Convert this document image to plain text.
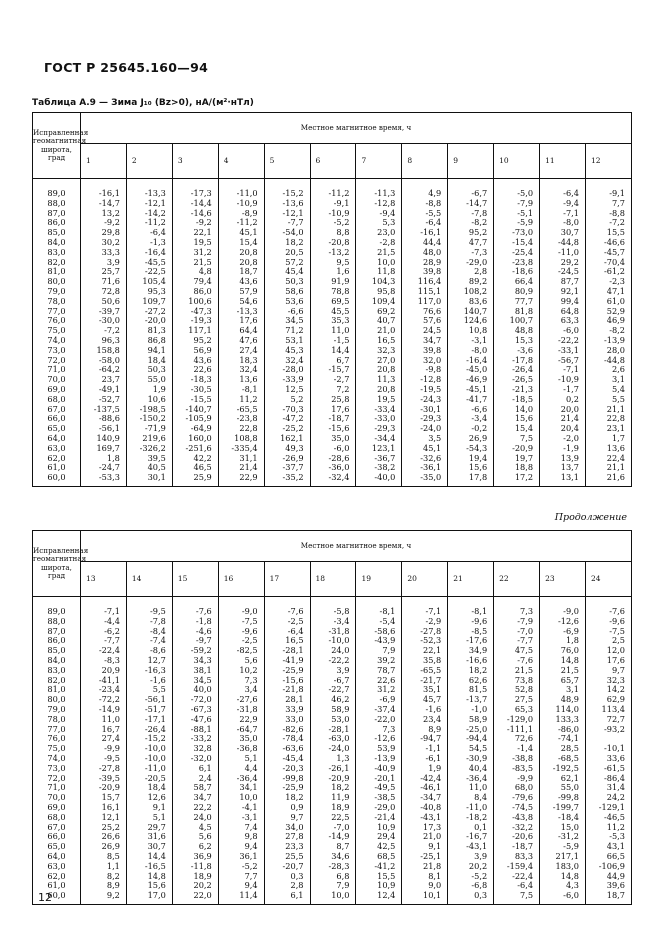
ГОСТ Р 25645.160—94
Таблица А.9 — Зима J₁₀ (Bz>0), нА/(м²·нТл)
Исправленная геомагнитная широта, град	Местное магнитное время, ч											
	1	2	3	4	5	6	7	8	9	10	11	12
89,0	-16,1	-13,3	-17,3	-11,0	-15,2	-11,2	-11,3	4,9	-6,7	-5,0	-6,4	-9,1
88,0	-14,7	-12,1	-14,4	-10,9	-13,6	-9,1	-12,8	-8,8	-14,7	-7,9	-9,4	7,7
87,0	13,2	-14,2	-14,6	-8,9	-12,1	-10,9	-9,4	-5,5	-7,8	-5,1	-7,1	-8,8
86,0	-9,2	-11,2	-9,2	-11,2	-7,7	-5,2	5,3	-6,4	-8,2	-5,9	-8,0	-7,2
85,0	29,8	-6,4	22,1	45,1	-54,0	8,8	23,0	-16,1	95,2	-73,0	30,7	15,5
84,0	30,2	-1,3	19,5	15,4	18,2	-20,8	-2,8	44,4	47,7	-15,4	-44,8	-46,6
83,0	33,3	-16,4	31,2	20,8	20,5	-13,2	21,5	48,0	-7,3	-25,4	-11,0	-45,7
82,0	3,9	-45,5	21,5	20,8	57,2	9,5	10,0	28,9	-29,0	-23,8	29,2	-70,4
81,0	25,7	-22,5	4,8	18,7	45,4	1,6	11,8	39,8	2,8	-18,6	-24,5	-61,2
80,0	71,6	105,4	79,4	43,6	50,3	91,9	104,3	116,4	89,2	66,4	87,7	-2,3
79,0	72,8	95,3	86,0	57,9	58,6	78,8	95,8	115,1	108,2	80,9	92,1	47,1
78,0	50,6	109,7	100,6	54,6	53,6	69,5	109,4	117,0	83,6	77,7	99,4	61,0
77,0	-39,7	-27,2	-47,3	-13,3	-6,6	45,5	69,2	76,6	140,7	81,8	64,8	52,9
76,0	-30,0	-20,0	-19,3	17,6	34,5	35,3	40,7	57,6	124,6	100,7	63,3	46,9
75,0	-7,2	81,3	117,1	64,4	71,2	11,0	21,0	24,5	10,8	48,8	-6,0	-8,2
74,0	96,3	86,8	95,2	47,6	53,1	-1,5	16,5	34,7	-3,1	15,3	-22,2	-13,9
73,0	158,8	94,1	56,9	27,4	45,3	14,4	32,3	39,8	-8,0	-3,6	-33,1	28,0
72,0	-58,0	18,4	43,6	18,3	32,4	6,7	27,0	32,0	-16,4	-17,8	-56,7	-44,8
71,0	-64,2	50,3	22,6	32,4	-28,0	-15,7	20,8	-9,8	-45,0	-26,4	-7,1	2,6
70,0	23,7	55,0	-18,3	13,6	-33,9	-2,7	11,3	-12,8	-46,9	-26,5	-10,9	3,1
69,0	-49,1	1,9	-30,5	-8,1	12,5	7,2	20,8	-19,5	-45,1	-21,3	-1,7	5,4
68,0	-52,7	10,6	-15,5	11,2	5,2	25,8	19,5	-24,3	-41,7	-18,5	0,2	5,5
67,0	-137,5	-198,5	-140,7	-65,5	-70,3	17,6	-33,4	-30,1	-6,6	14,0	20,0	21,1
66,0	-88,6	-150,2	-105,9	-23,8	-47,2	-18,7	-33,0	-29,3	-3,4	15,6	21,4	22,8
65,0	-56,1	-71,9	-64,9	22,8	-25,2	-15,6	-29,3	-24,0	-0,2	15,4	20,4	23,1
64,0	140,9	219,6	160,0	108,8	162,1	35,0	-34,4	3,5	26,9	7,5	-2,0	1,7
63,0	169,7	-326,2	-251,6	-335,4	49,3	-6,0	123,1	45,1	-54,3	-20,9	-1,9	13,6
62,0	1,8	39,5	42,2	31,1	-26,9	-28,6	-36,7	-32,6	19,4	19,7	13,9	22,4
61,0	-24,7	40,5	46,5	21,4	-37,7	-36,0	-38,2	-36,1	15,6	18,8	13,7	21,1
60,0	-53,3	30,1	25,9	22,9	-35,2	-32,4	-40,0	-35,0	17,8	17,2	13,1	21,6
Продолжение
Исправленная геомагнитная широта, град	Местное магнитное время, ч											
	13	14	15	16	17	18	19	20	21	22	23	24
89,0	-7,1	-9,5	-7,6	-9,0	-7,6	-5,8	-8,1	-7,1	-8,1	7,3	-9,0	-7,6
88,0	-4,4	-7,8	-1,8	-7,5	-2,5	-3,4	-5,4	-2,9	-9,6	-7,9	-12,6	-9,6
87,0	-6,2	-8,4	-4,6	-9,6	-6,4	-31,8	-58,6	-27,8	-8,5	-7,0	-6,9	-7,5
86,0	-7,7	-7,4	-9,7	-2,5	16,5	-10,0	-43,9	-52,3	-17,6	-7,7	1,8	2,5
85,0	-22,4	-8,6	-59,2	-82,5	-28,1	24,0	7,9	22,1	34,9	47,5	76,0	12,0
84,0	-8,3	12,7	34,3	5,6	-41,9	-22,2	39,2	35,8	-16,6	-7,6	14,8	17,6
83,0	20,9	-16,3	38,1	10,2	-25,9	3,9	78,7	-65,5	18,2	21,5	21,5	9,7
82,0	-41,1	-1,6	34,5	7,3	-15,6	-6,7	22,6	-21,7	62,6	73,8	65,7	32,3
81,0	-23,4	5,5	40,0	3,4	-21,8	-22,7	31,2	35,1	81,5	52,8	3,1	14,2
80,0	-72,2	-56,1	-72,0	-27,6	28,1	46,2	-6,9	45,7	-13,7	27,5	48,9	62,9
79,0	-14,9	-51,7	-67,3	-31,8	33,9	58,9	-37,4	-1,6	-1,0	65,3	114,0	113,4
78,0	11,0	-17,1	-47,6	22,9	33,0	53,0	-22,0	23,4	58,9	-129,0	133,3	72,7
77,0	16,7	-26,4	-88,1	-64,7	-82,6	-28,1	7,3	8,9	-25,0	-111,1	-86,0	-93,2
76,0	27,4	-15,2	-33,2	35,0	-78,4	-63,0	-12,6	-94,7	-94,4	72,6	-74,1	
75,0	-9,9	-10,0	32,8	-36,8	-63,6	-24,0	53,9	-1,1	54,5	-1,4	28,5	-10,1
74,0	-9,5	-10,0	-32,0	5,1	-45,4	1,3	-13,9	-6,1	-30,9	-38,8	-68,5	33,6
73,0	-27,8	-11,0	6,1	4,4	-20,3	-26,1	-40,9	1,9	40,4	-83,5	-192,5	-61,5
72,0	-39,5	-20,5	2,4	-36,4	-99,8	-20,9	-20,1	-42,4	-36,4	-9,9	62,1	-86,4
71,0	-20,9	18,4	58,7	34,1	-25,9	18,2	-49,5	-46,1	11,0	68,0	55,0	31,4
70,0	15,7	12,6	34,7	10,0	18,2	11,9	-38,5	-34,7	8,4	-79,6	-99,8	24,2
69,0	16,1	9,1	22,2	-4,1	0,9	18,9	-29,0	-40,8	-11,0	-74,5	-199,7	-129,1
68,0	12,1	5,1	24,0	-3,1	9,7	22,5	-21,4	-43,1	-18,2	-43,8	-18,4	-46,5
67,0	25,2	29,7	4,5	7,4	34,0	-7,0	10,9	17,3	0,1	-32,2	15,0	11,2
66,0	26,6	31,6	5,6	9,8	27,8	-14,9	29,4	21,0	-16,7	-20,6	-31,2	-5,3
65,0	26,9	30,7	6,2	9,4	23,3	8,7	42,5	9,1	-43,1	-18,7	-5,9	43,1
64,0	8,5	14,4	36,9	36,1	25,5	34,6	68,5	-25,1	3,9	83,3	217,1	66,5
63,0	1,1	-16,5	-11,8	-5,2	-20,7	-28,3	-41,2	21,8	20,2	-159,4	183,0	-106,9
62,0	8,2	14,8	18,9	7,7	0,3	6,8	15,5	8,1	-5,2	-22,4	14,8	44,9
61,0	8,9	15,6	20,2	9,4	2,8	7,9	10,9	9,0	-6,8	-6,4	4,3	39,6
60,0	9,2	17,0	22,0	11,4	6,1	10,0	12,4	10,1	0,3	7,5	-6,0	18,7
12
